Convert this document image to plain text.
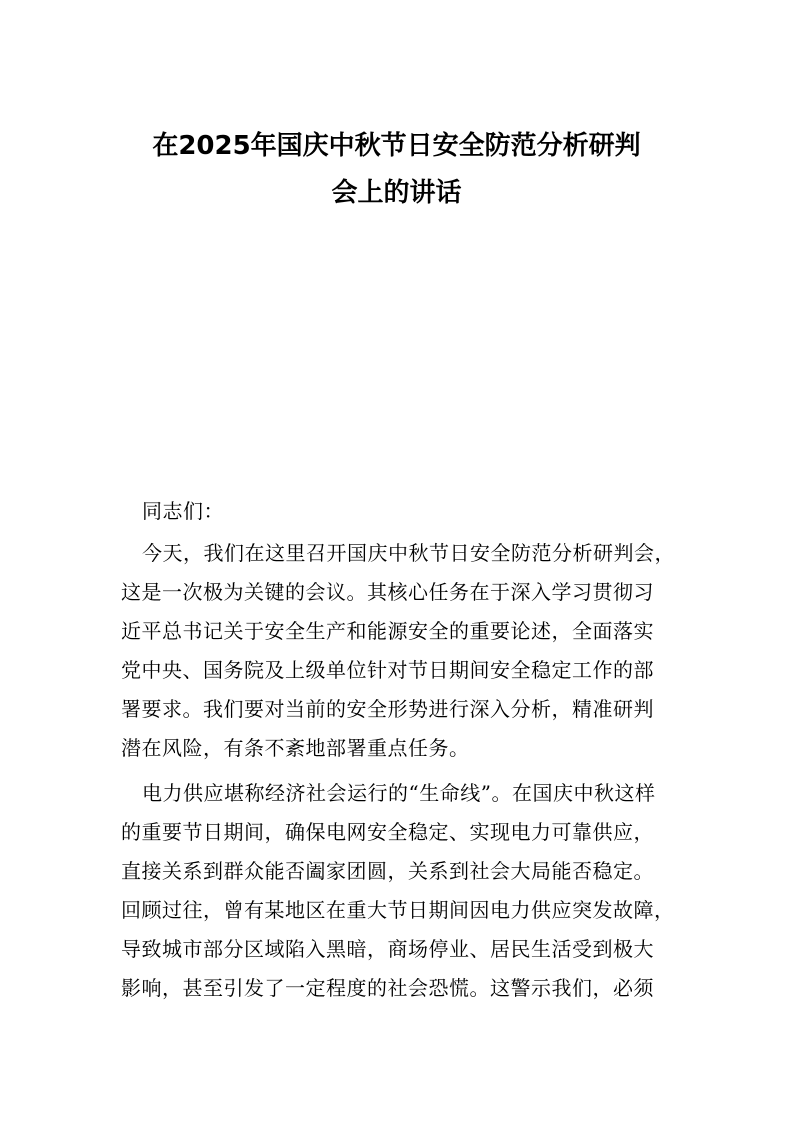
在2025年国庆中秋节日安全防范分析研判
会上的讲话
同志们：
今天，我们在这里召开国庆中秋节日安全防范分析研判会，
这是一次极为关键的会议。其核心任务在于深入学习贯彻习
近平总书记关于安全生产和能源安全的重要论述，全面落实
党中央、国务院及上级单位针对节日期间安全稳定工作的部
署要求。我们要对当前的安全形势进行深入分析，精准研判
潜在风险，有条不紊地部署重点任务。
电力供应堪称经济社会运行的“生命线”。在国庆中秋这样
的重要节日期间，确保电网安全稳定、实现电力可靠供应，
直接关系到群众能否阖家团圆，关系到社会大局能否稳定。
回顾过往，曾有某地区在重大节日期间因电力供应突发故障，
导致城市部分区域陷入黑暗，商场停业、居民生活受到极大
影响，甚至引发了一定程度的社会恐慌。这警示我们，必须
